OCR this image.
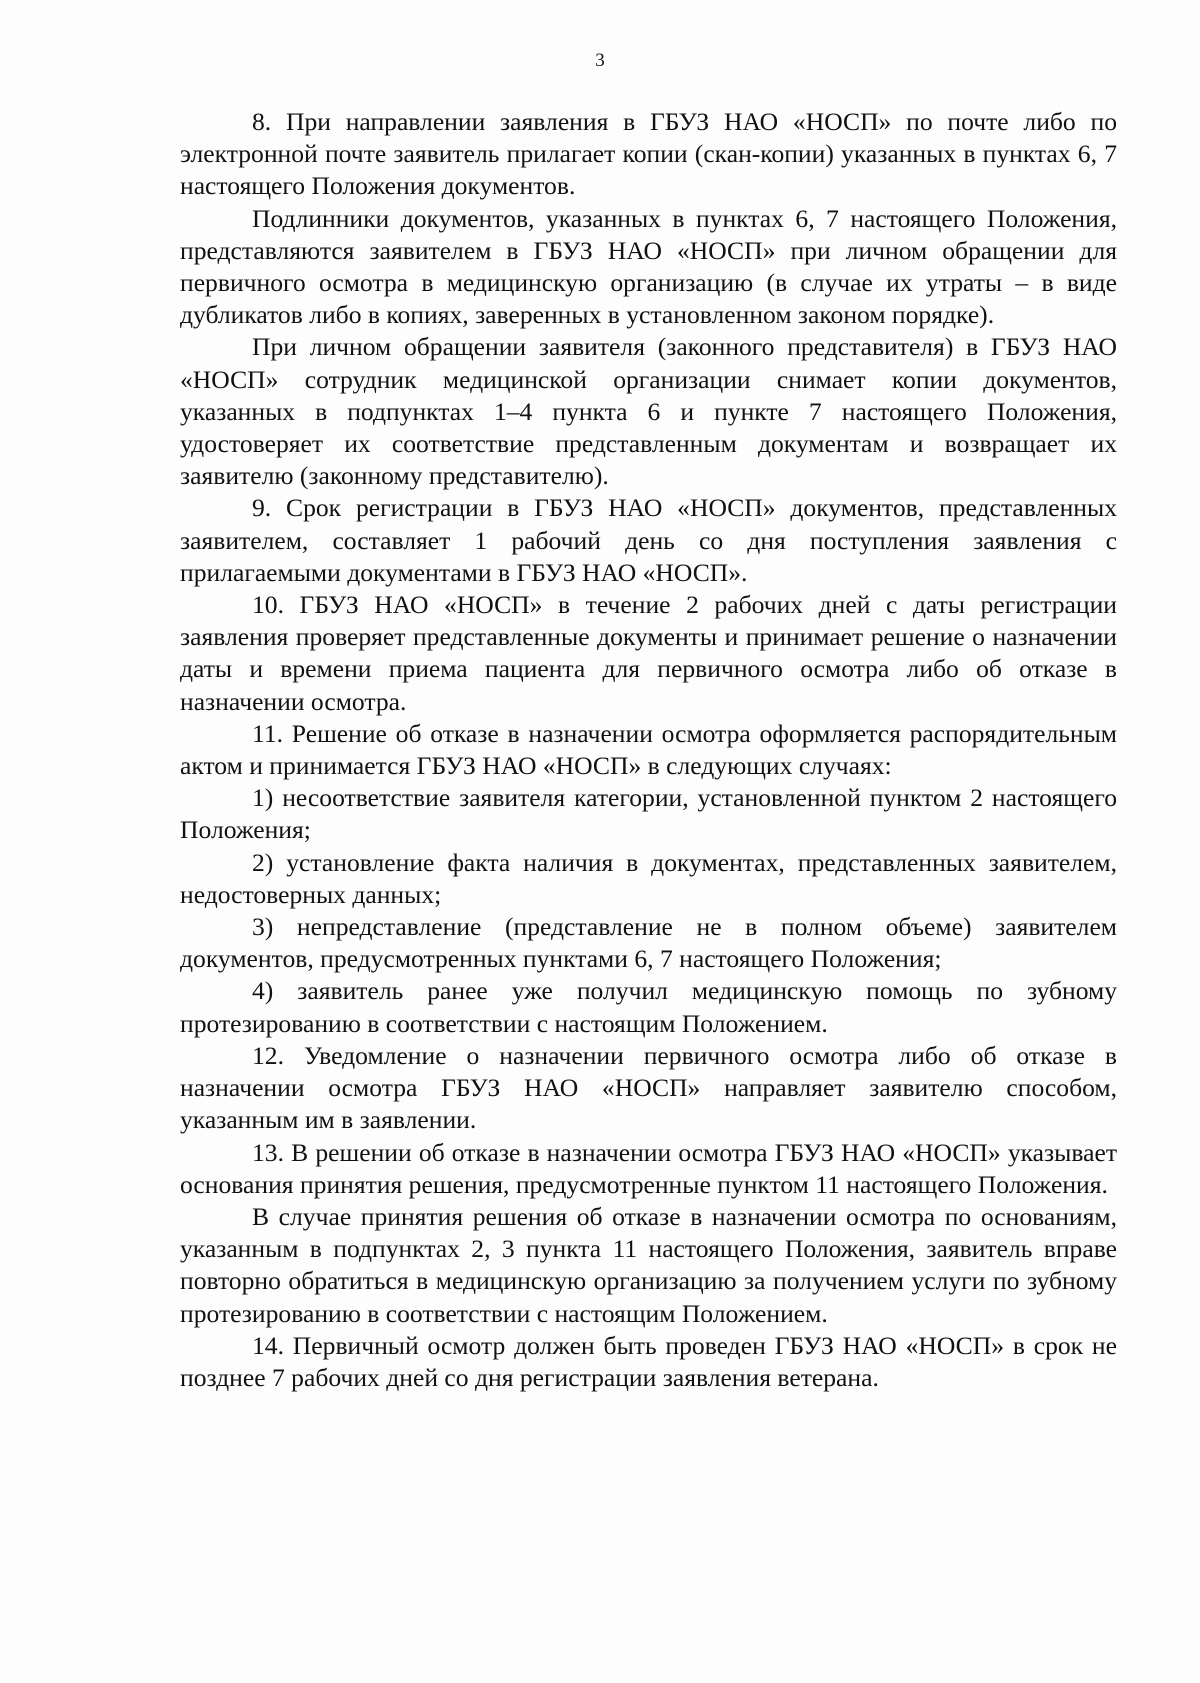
3

8. При направлении заявления в ГБУЗ НАО «НОСП» по почте либо по электронной почте заявитель прилагает копии (скан-копии) указанных в пунктах 6, 7 настоящего Положения документов.

Подлинники документов, указанных в пунктах 6, 7 настоящего Положения, представляются заявителем в ГБУЗ НАО «НОСП» при личном обращении для первичного осмотра в медицинскую организацию (в случае их утраты – в виде дубликатов либо в копиях, заверенных в установленном законом порядке).

При личном обращении заявителя (законного представителя) в ГБУЗ НАО «НОСП» сотрудник медицинской организации снимает копии документов, указанных в подпунктах 1–4 пункта 6 и пункте 7 настоящего Положения, удостоверяет их соответствие представленным документам и возвращает их заявителю (законному представителю).

9. Срок регистрации в ГБУЗ НАО «НОСП» документов, представленных заявителем, составляет 1 рабочий день со дня поступления заявления с прилагаемыми документами в ГБУЗ НАО «НОСП».

10. ГБУЗ НАО «НОСП» в течение 2 рабочих дней с даты регистрации заявления проверяет представленные документы и принимает решение о назначении даты и времени приема пациента для первичного осмотра либо об отказе в назначении осмотра.

11. Решение об отказе в назначении осмотра оформляется распорядительным актом и принимается ГБУЗ НАО «НОСП» в следующих случаях:

1) несоответствие заявителя категории, установленной пунктом 2 настоящего Положения;

2) установление факта наличия в документах, представленных заявителем, недостоверных данных;

3) непредставление (представление не в полном объеме) заявителем документов, предусмотренных пунктами 6, 7 настоящего Положения;

4) заявитель ранее уже получил медицинскую помощь по зубному протезированию в соответствии с настоящим Положением.

12. Уведомление о назначении первичного осмотра либо об отказе в назначении осмотра ГБУЗ НАО «НОСП» направляет заявителю способом, указанным им в заявлении.

13. В решении об отказе в назначении осмотра ГБУЗ НАО «НОСП» указывает основания принятия решения, предусмотренные пунктом 11 настоящего Положения.

В случае принятия решения об отказе в назначении осмотра по основаниям, указанным в подпунктах 2, 3 пункта 11 настоящего Положения, заявитель вправе повторно обратиться в медицинскую организацию за получением услуги по зубному протезированию в соответствии с настоящим Положением.

14. Первичный осмотр должен быть проведен ГБУЗ НАО «НОСП» в срок не позднее 7 рабочих дней со дня регистрации заявления ветерана.
